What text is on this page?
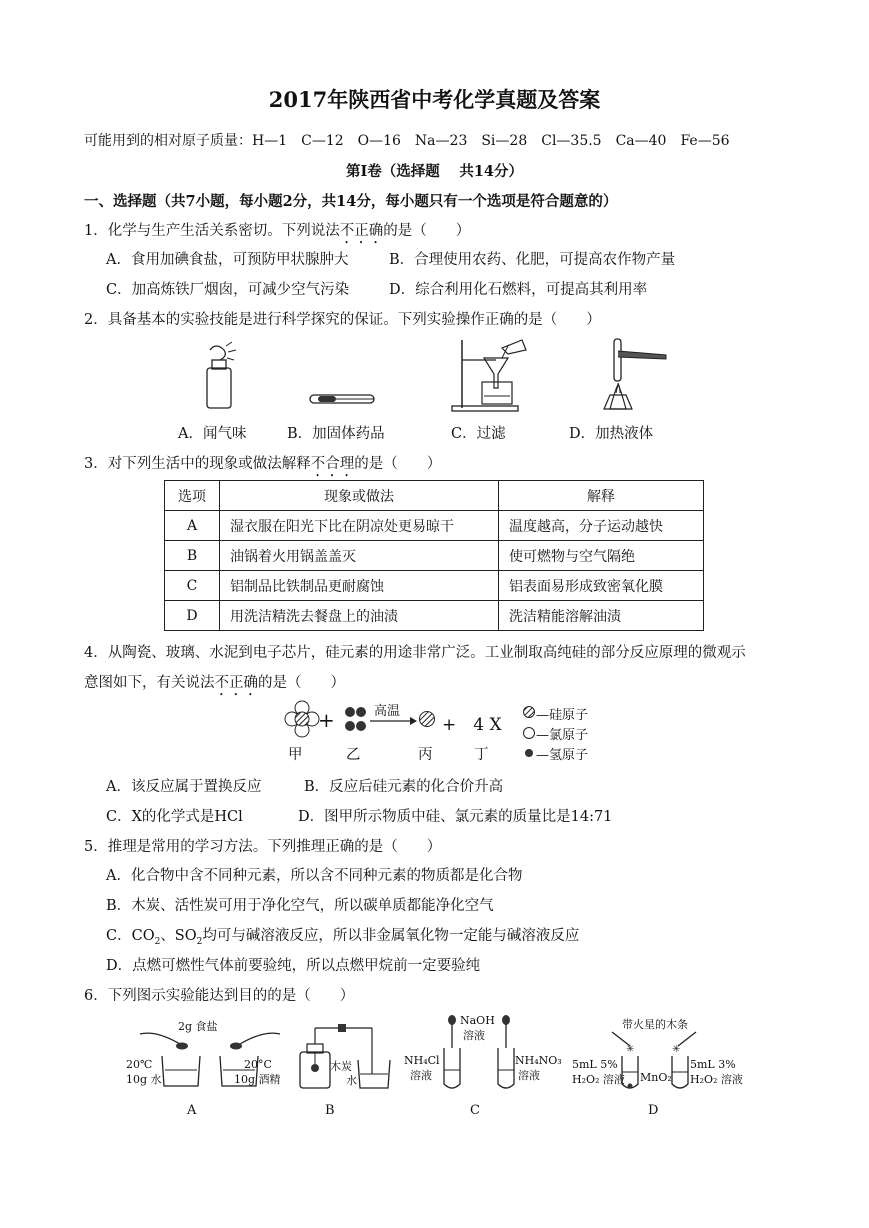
2017年陕西省中考化学真题及答案
可能用到的相对原子质量：H—1　C—12　O—16　Na—23　Si—28　Cl—35.5　Ca—40　Fe—56
第Ⅰ卷（选择题　 共14分）
一、选择题（共7小题，每小题2分，共14分，每小题只有一个选项是符合题意的）
1．化学与生产生活关系密切。下列说法不正确的是（　　）
A．食用加碘食盐，可预防甲状腺肿大	B．合理使用农药、化肥，可提高农作物产量
C．加高炼铁厂烟囱，可减少空气污染	D．综合利用化石燃料，可提高其利用率
2．具备基本的实验技能是进行科学探究的保证。下列实验操作正确的是（　　）
A．闻气味	B．加固体药品	C．过滤	D．加热液体
3．对下列生活中的现象或做法解释不合理的是（　　）
选项	现象或做法	解释
A	湿衣服在阳光下比在阴凉处更易晾干	温度越高，分子运动越快
B	油锅着火用锅盖盖灭	使可燃物与空气隔绝
C	铝制品比铁制品更耐腐蚀	铝表面易形成致密氧化膜
D	用洗洁精洗去餐盘上的油渍	洗洁精能溶解油渍
4．从陶瓷、玻璃、水泥到电子芯片，硅元素的用途非常广泛。工业制取高纯硅的部分反应原理的微观示
意图如下，有关说法不正确的是（　　）
+	高温
+　4 X
甲	乙	丙	丁
—硅原子
—氯原子
—氢原子
A．该反应属于置换反应	B．反应后硅元素的化合价升高
C．X的化学式是HCl	D．图甲所示物质中硅、氯元素的质量比是14:71
5．推理是常用的学习方法。下列推理正确的是（　　）
A．化合物中含不同种元素，所以含不同种元素的物质都是化合物
B．木炭、活性炭可用于净化空气，所以碳单质都能净化空气
C．$CO_2$、$SO_2$均可与碱溶液反应，所以非金属氧化物一定能与碱溶液反应
D．点燃可燃性气体前要验纯，所以点燃甲烷前一定要验纯
6．下列图示实验能达到目的的是（　　）
2g 食盐
20℃
10g 水
20°C
10g 酒精
木炭
水
NaOH
溶液
NH₄Cl
溶液
NH₄NO₃
溶液
带火星的木条
✳	✳
5mL 5%
H₂O₂ 溶液 MnO₂
5mL 3%
H₂O₂ 溶液
A	B	C	D
